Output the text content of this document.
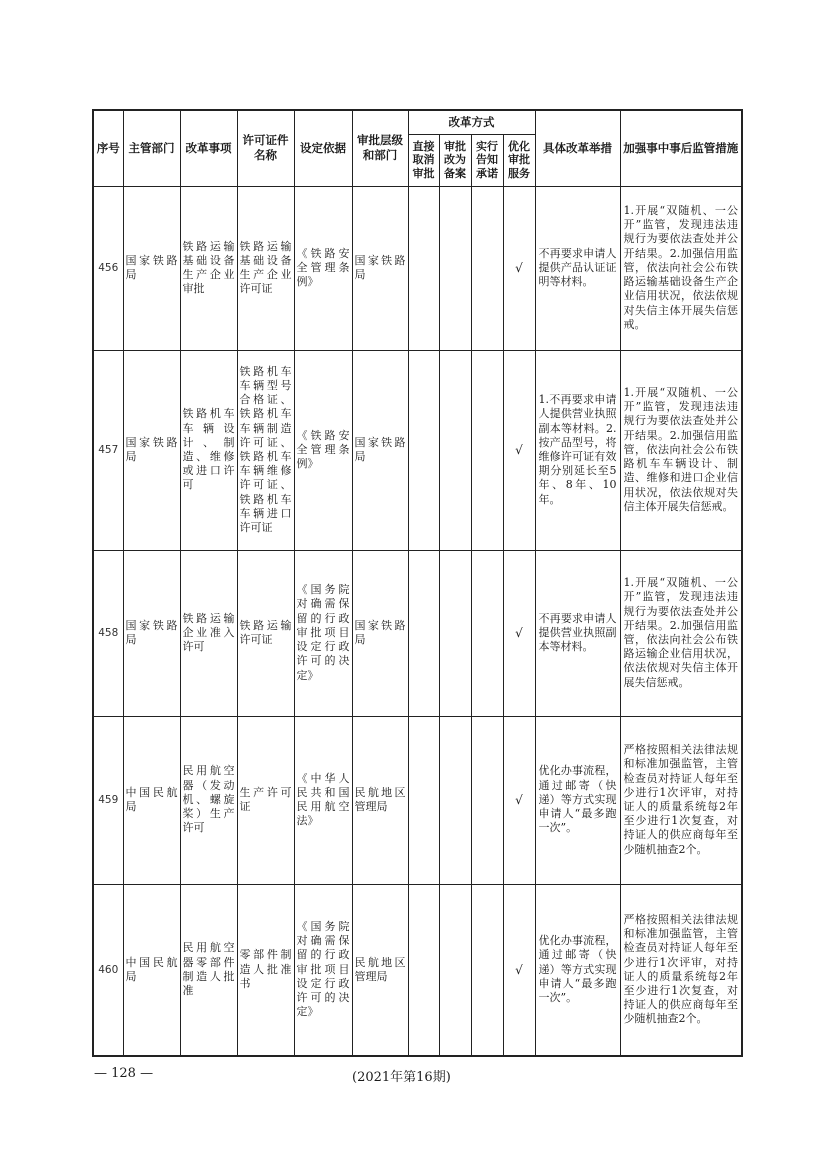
序号	主管部门	改革事项	许可证件名称	设定依据	审批层级和部门	改革方式				具体改革举措	加强事中事后监管措施
						直接取消审批	审批改为备案	实行告知承诺	优化审批服务		
456	国家铁路局	铁路运输基础设备生产企业审批	铁路运输基础设备生产企业许可证	《铁路安全管理条例》	国家铁路局				√	不再要求申请人提供产品认证证明等材料。	1.开展“双随机、一公开”监管，发现违法违规行为要依法查处并公开结果。2.加强信用监管，依法向社会公布铁路运输基础设备生产企业信用状况，依法依规对失信主体开展失信惩戒。

457	国家铁路局	铁路机车车辆设计、制造、维修或进口许可	铁路机车车辆型号合格证、铁路机车车辆制造许可证、铁路机车车辆维修许可证、铁路机车车辆进口许可证	《铁路安全管理条例》	国家铁路局				√	1.不再要求申请人提供营业执照副本等材料。2.按产品型号，将维修许可证有效期分别延长至5年、8年、10年。	1.开展“双随机、一公开”监管，发现违法违规行为要依法查处并公开结果。2.加强信用监管，依法向社会公布铁路机车车辆设计、制造、维修和进口企业信用状况，依法依规对失信主体开展失信惩戒。

458	国家铁路局	铁路运输企业准入许可	铁路运输许可证	《国务院对确需保留的行政审批项目设定行政许可的决定》	国家铁路局				√	不再要求申请人提供营业执照副本等材料。	1.开展“双随机、一公开”监管，发现违法违规行为要依法查处并公开结果。2.加强信用监管，依法向社会公布铁路运输企业信用状况，依法依规对失信主体开展失信惩戒。

459	中国民航局	民用航空器（发动机、螺旋桨）生产许可	生产许可证	《中华人民共和国民用航空法》	民航地区管理局				√	优化办事流程，通过邮寄（快递）等方式实现申请人“最多跑一次”。	严格按照相关法律法规和标准加强监管，主管检查员对持证人每年至少进行1次评审，对持证人的质量系统每2年至少进行1次复查，对持证人的供应商每年至少随机抽查2个。

460	中国民航局	民用航空器零部件制造人批准	零部件制造人批准书	《国务院对确需保留的行政审批项目设定行政许可的决定》	民航地区管理局				√	优化办事流程，通过邮寄（快递）等方式实现申请人“最多跑一次”。	严格按照相关法律法规和标准加强监管，主管检查员对持证人每年至少进行1次评审，对持证人的质量系统每2年至少进行1次复查，对持证人的供应商每年至少随机抽查2个。
— 128 —	(2021年第16期)
